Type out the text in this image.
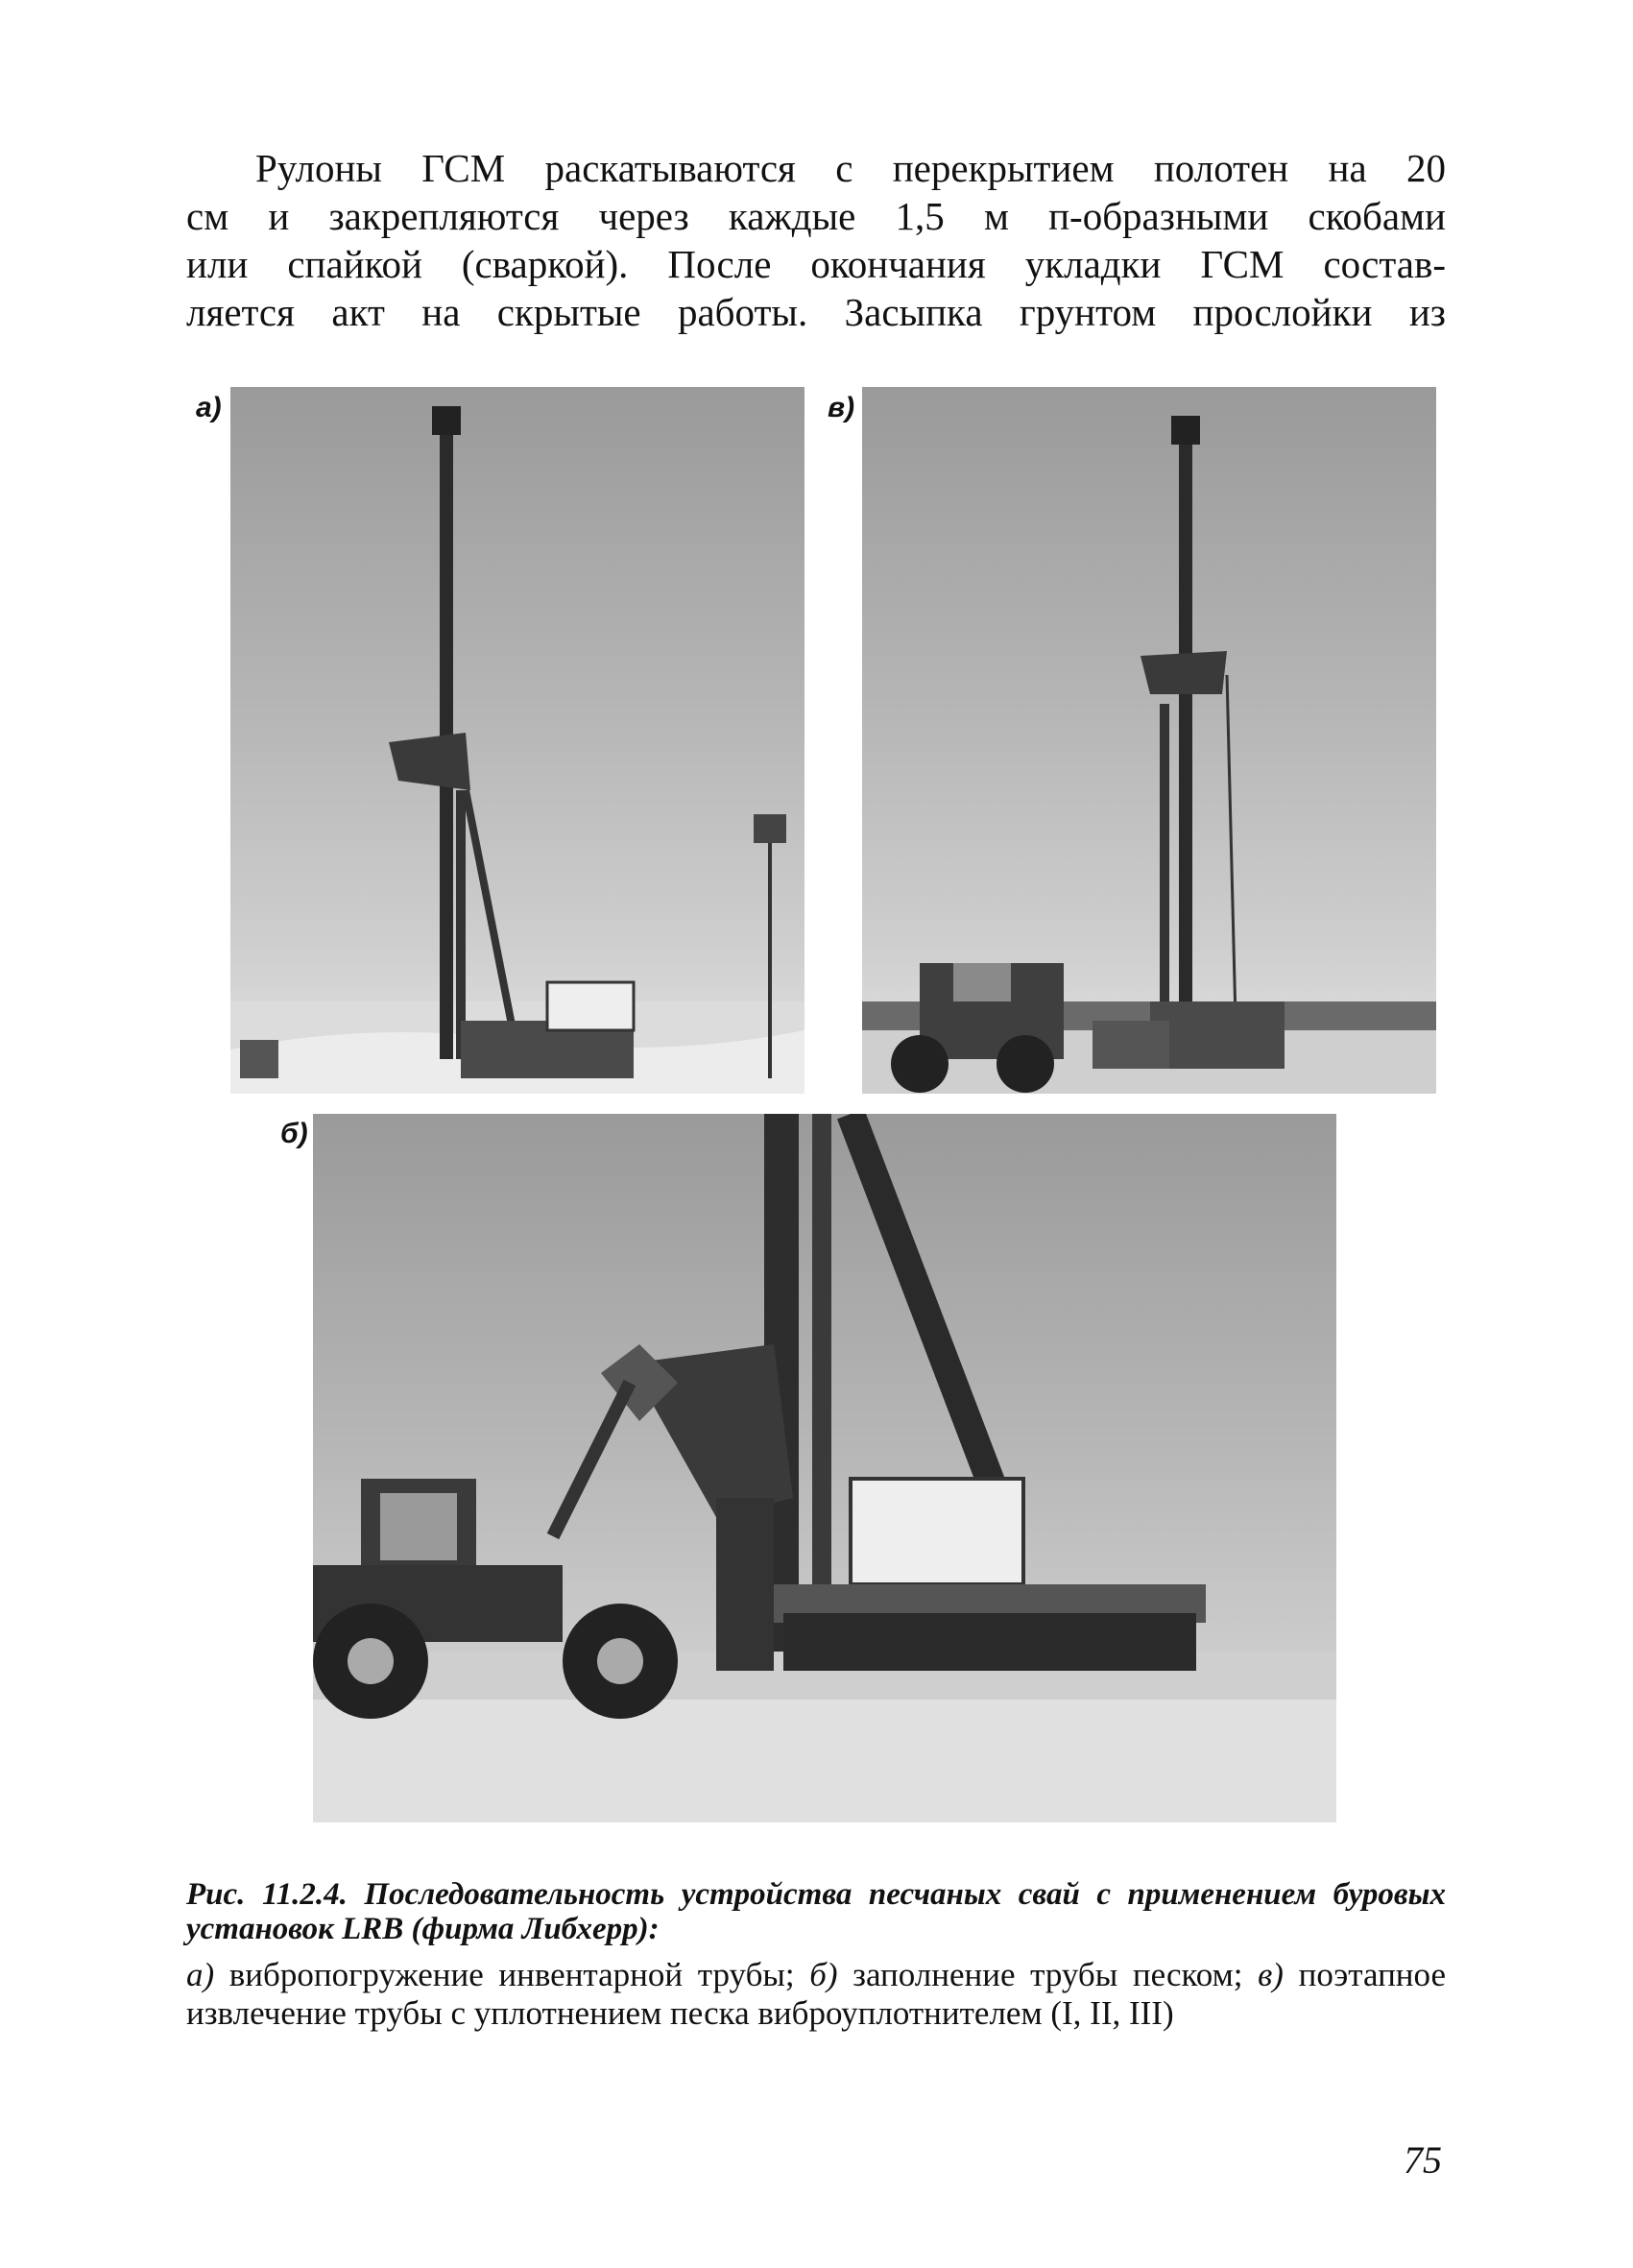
Рулоны ГСМ раскатываются с перекрытием полотен на 20
см и закрепляются через каждые 1,5 м п-образными скобами
или спайкой (сваркой). После окончания укладки ГСМ состав-
ляется акт на скрытые работы. Засыпка грунтом прослойки из
а)	в)
б)
Рис. 11.2.4. Последовательность устройства песчаных свай с применением буровых установок LRB (фирма Либхерр):
а) вибропогружение инвентарной трубы; б) заполнение трубы песком; в) поэтапное извлечение трубы с уплотнением песка виброуплотнителем (I, II, III)
75
